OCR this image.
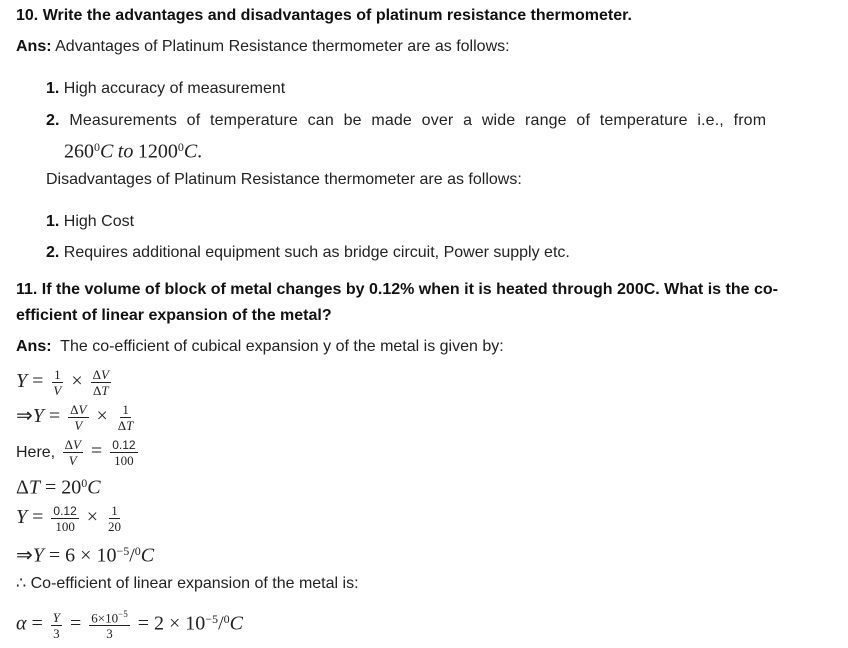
10. Write the advantages and disadvantages of platinum resistance thermometer.
Ans: Advantages of Platinum Resistance thermometer are as follows:
1. High accuracy of measurement
2. Measurements of temperature can be made over a wide range of temperature i.e., from
$260^0C$ to 1200$^0$C.
Disadvantages of Platinum Resistance thermometer are as follows:
1. High Cost
2. Requires additional equipment such as bridge circuit, Power supply etc.
11. If the volume of block of metal changes by 0.12% when it is heated through 200C. What is the co-
efficient of linear expansion of the metal?
Ans: The co-efficient of cubical expansion y of the metal is given by:
$Y = \frac{1}{V} \times \frac{\Delta V}{\Delta T}$
⇒Y = $\frac{\Delta V}{V} \times \frac{1}{\Delta T}$
Here, $\frac{\Delta V}{V} = \frac{0.12}{100}$
$\Delta T = 20^0C$
$Y = \frac{0.12}{100} \times \frac{1}{20}$
⇒Y = $6 \times 10^{-5}/^0C$
∴ Co-efficient of linear expansion of the metal is:
$\alpha = \frac{Y}{3} = \frac{6\times 10^{-5}}{3} = 2 \times 10^{-5}/^0C$
